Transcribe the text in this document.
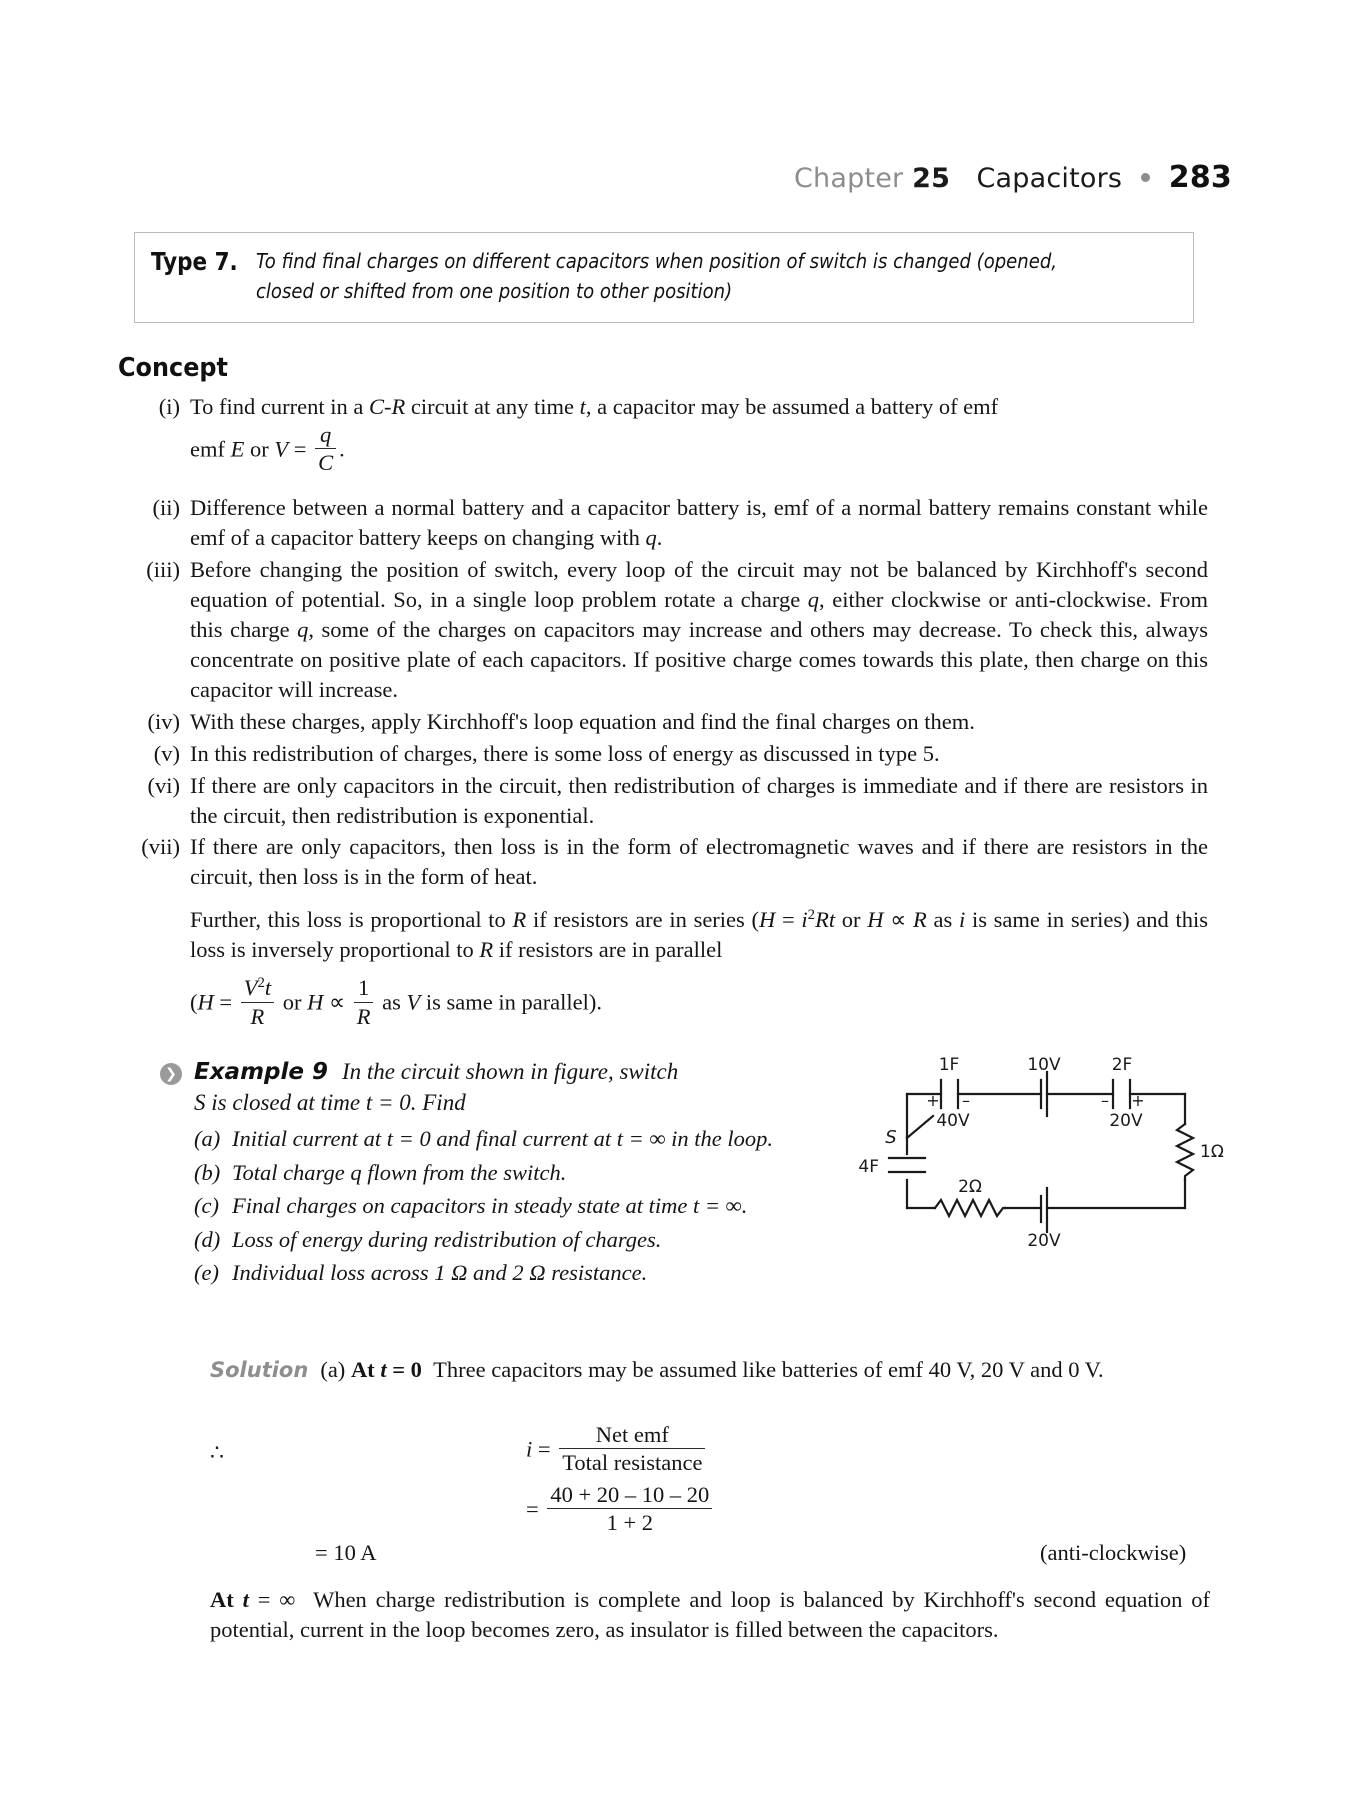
Chapter 25 Capacitors 283
Type 7. To find final charges on different capacitors when position of switch is changed (opened, closed or shifted from one position to other position)
Concept
(i) To find current in a C-R circuit at any time t, a capacitor may be assumed a battery of emf
emf E or $V = \frac{q}{C}$ .
(ii) Difference between a normal battery and a capacitor battery is, emf of a normal battery remains constant while emf of a capacitor battery keeps on changing with q.
(iii) Before changing the position of switch, every loop of the circuit may not be balanced by Kirchhoff's second equation of potential. So, in a single loop problem rotate a charge q, either clockwise or anti-clockwise. From this charge q, some of the charges on capacitors may increase and others may decrease. To check this, always concentrate on positive plate of each capacitors. If positive charge comes towards this plate, then charge on this capacitor will increase.
(iv) With these charges, apply Kirchhoff's loop equation and find the final charges on them.
(v) In this redistribution of charges, there is some loss of energy as discussed in type 5.
(vi) If there are only capacitors in the circuit, then redistribution of charges is immediate and if there are resistors in the circuit, then redistribution is exponential.
(vii) If there are only capacitors, then loss is in the form of electromagnetic waves and if there are resistors in the circuit, then loss is in the form of heat.
Further, this loss is proportional to R if resistors are in series ($H = i^2Rt$ or H ∝ R as i is same in series) and this loss is inversely proportional to R if resistors are in parallel
($H = \frac{V^2t}{R}$ or $H \propto \frac{1}{R}$ as V is same in parallel).
❯ Example 9 In the circuit shown in figure, switch
S is closed at time t = 0. Find
(a) Initial current at t = 0 and final current at t = ∞ in the loop.
(b) Total charge q flown from the switch.
(c) Final charges on capacitors in steady state at time t = ∞.
(d) Loss of energy during redistribution of charges.
(e) Individual loss across 1 Ω and 2 Ω resistance.
1F
+ –
40V
10V	2F
– +
20V
1Ω
S
4F
2Ω
20V
Solution (a) At t = 0 Three capacitors may be assumed like batteries of emf 40 V, 20 V and 0 V.
∴	$i = \frac{\text{Net emf}}{\text{Total resistance}}$
= $\frac{40 + 20 - 10 - 20}{1 + 2}$
= 10 A	(anti-clockwise)
At t = ∞ When charge redistribution is complete and loop is balanced by Kirchhoff's second equation of potential, current in the loop becomes zero, as insulator is filled between the capacitors.
